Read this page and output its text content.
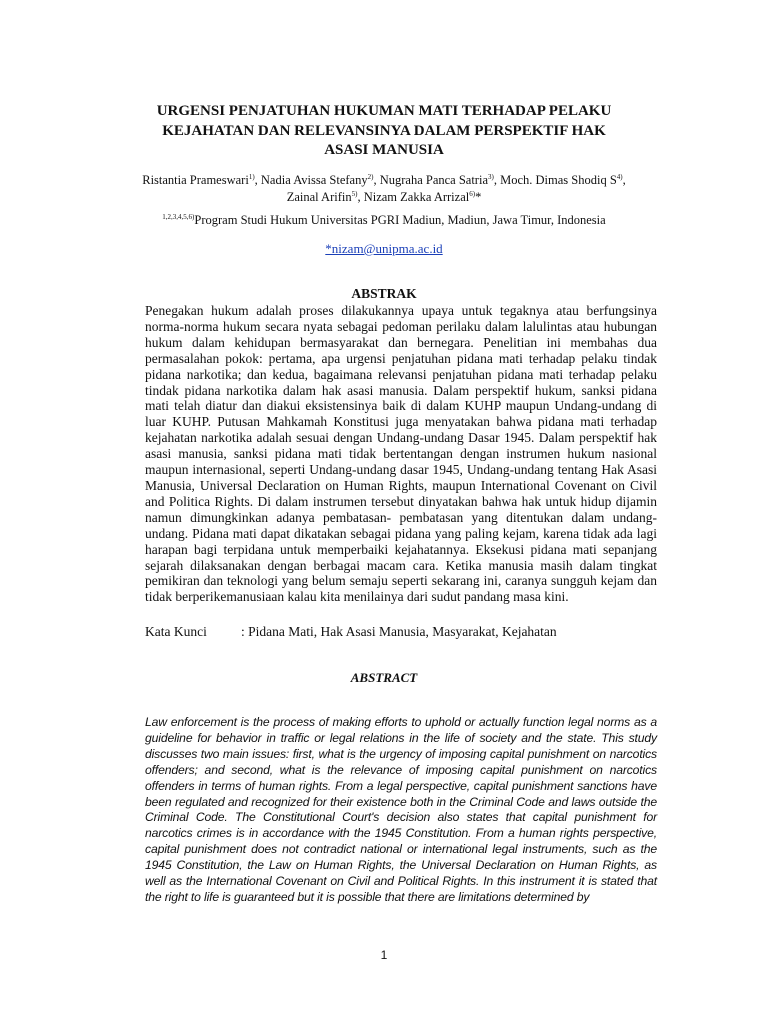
URGENSI PENJATUHAN HUKUMAN MATI TERHADAP PELAKU
KEJAHATAN DAN RELEVANSINYA DALAM PERSPEKTIF HAK
ASASI MANUSIA
Ristantia Prameswari$^{1)}$, Nadia Avissa Stefany$^{2)}$, Nugraha Panca Satria$^{3)}$, Moch. Dimas Shodiq $S^{4)}$,
Zainal Arifin$^{5)}$, Nizam Zakka Arrizal$^{6)}$*
$^{1,2,3,4,5,6)}$Program Studi Hukum Universitas PGRI Madiun, Madiun, Jawa Timur, Indonesia
*nizam@unipma.ac.id
ABSTRAK
Penegakan hukum adalah proses dilakukannya upaya untuk tegaknya atau berfungsinya norma-norma hukum secara nyata sebagai pedoman perilaku dalam lalulintas atau hubungan hukum dalam kehidupan bermasyarakat dan bernegara. Penelitian ini membahas dua permasalahan pokok: pertama, apa urgensi penjatuhan pidana mati terhadap pelaku tindak pidana narkotika; dan kedua, bagaimana relevansi penjatuhan pidana mati terhadap pelaku tindak pidana narkotika dalam hak asasi manusia. Dalam perspektif hukum, sanksi pidana mati telah diatur dan diakui eksistensinya baik di dalam KUHP maupun Undang-undang di luar KUHP. Putusan Mahkamah Konstitusi juga menyatakan bahwa pidana mati terhadap kejahatan narkotika adalah sesuai dengan Undang-undang Dasar 1945. Dalam perspektif hak asasi manusia, sanksi pidana mati tidak bertentangan dengan instrumen hukum nasional maupun internasional, seperti Undang-undang dasar 1945, Undang-undang tentang Hak Asasi Manusia, Universal Declaration on Human Rights, maupun International Covenant on Civil and Politica Rights. Di dalam instrumen tersebut dinyatakan bahwa hak untuk hidup dijamin namun dimungkinkan adanya pembatasan- pembatasan yang ditentukan dalam undang-undang. Pidana mati dapat dikatakan sebagai pidana yang paling kejam, karena tidak ada lagi harapan bagi terpidana untuk memperbaiki kejahatannya. Eksekusi pidana mati sepanjang sejarah dilaksanakan dengan berbagai macam cara. Ketika manusia masih dalam tingkat pemikiran dan teknologi yang belum semaju seperti sekarang ini, caranya sungguh kejam dan tidak berperikemanusiaan kalau kita menilainya dari sudut pandang masa kini.
Kata Kunci	: Pidana Mati, Hak Asasi Manusia, Masyarakat, Kejahatan
ABSTRACT
Law enforcement is the process of making efforts to uphold or actually function legal norms as a guideline for behavior in traffic or legal relations in the life of society and the state. This study discusses two main issues: first, what is the urgency of imposing capital punishment on narcotics offenders; and second, what is the relevance of imposing capital punishment on narcotics offenders in terms of human rights. From a legal perspective, capital punishment sanctions have been regulated and recognized for their existence both in the Criminal Code and laws outside the Criminal Code. The Constitutional Court's decision also states that capital punishment for narcotics crimes is in accordance with the 1945 Constitution. From a human rights perspective, capital punishment does not contradict national or international legal instruments, such as the 1945 Constitution, the Law on Human Rights, the Universal Declaration on Human Rights, as well as the International Covenant on Civil and Political Rights. In this instrument it is stated that the right to life is guaranteed but it is possible that there are limitations determined by
1
